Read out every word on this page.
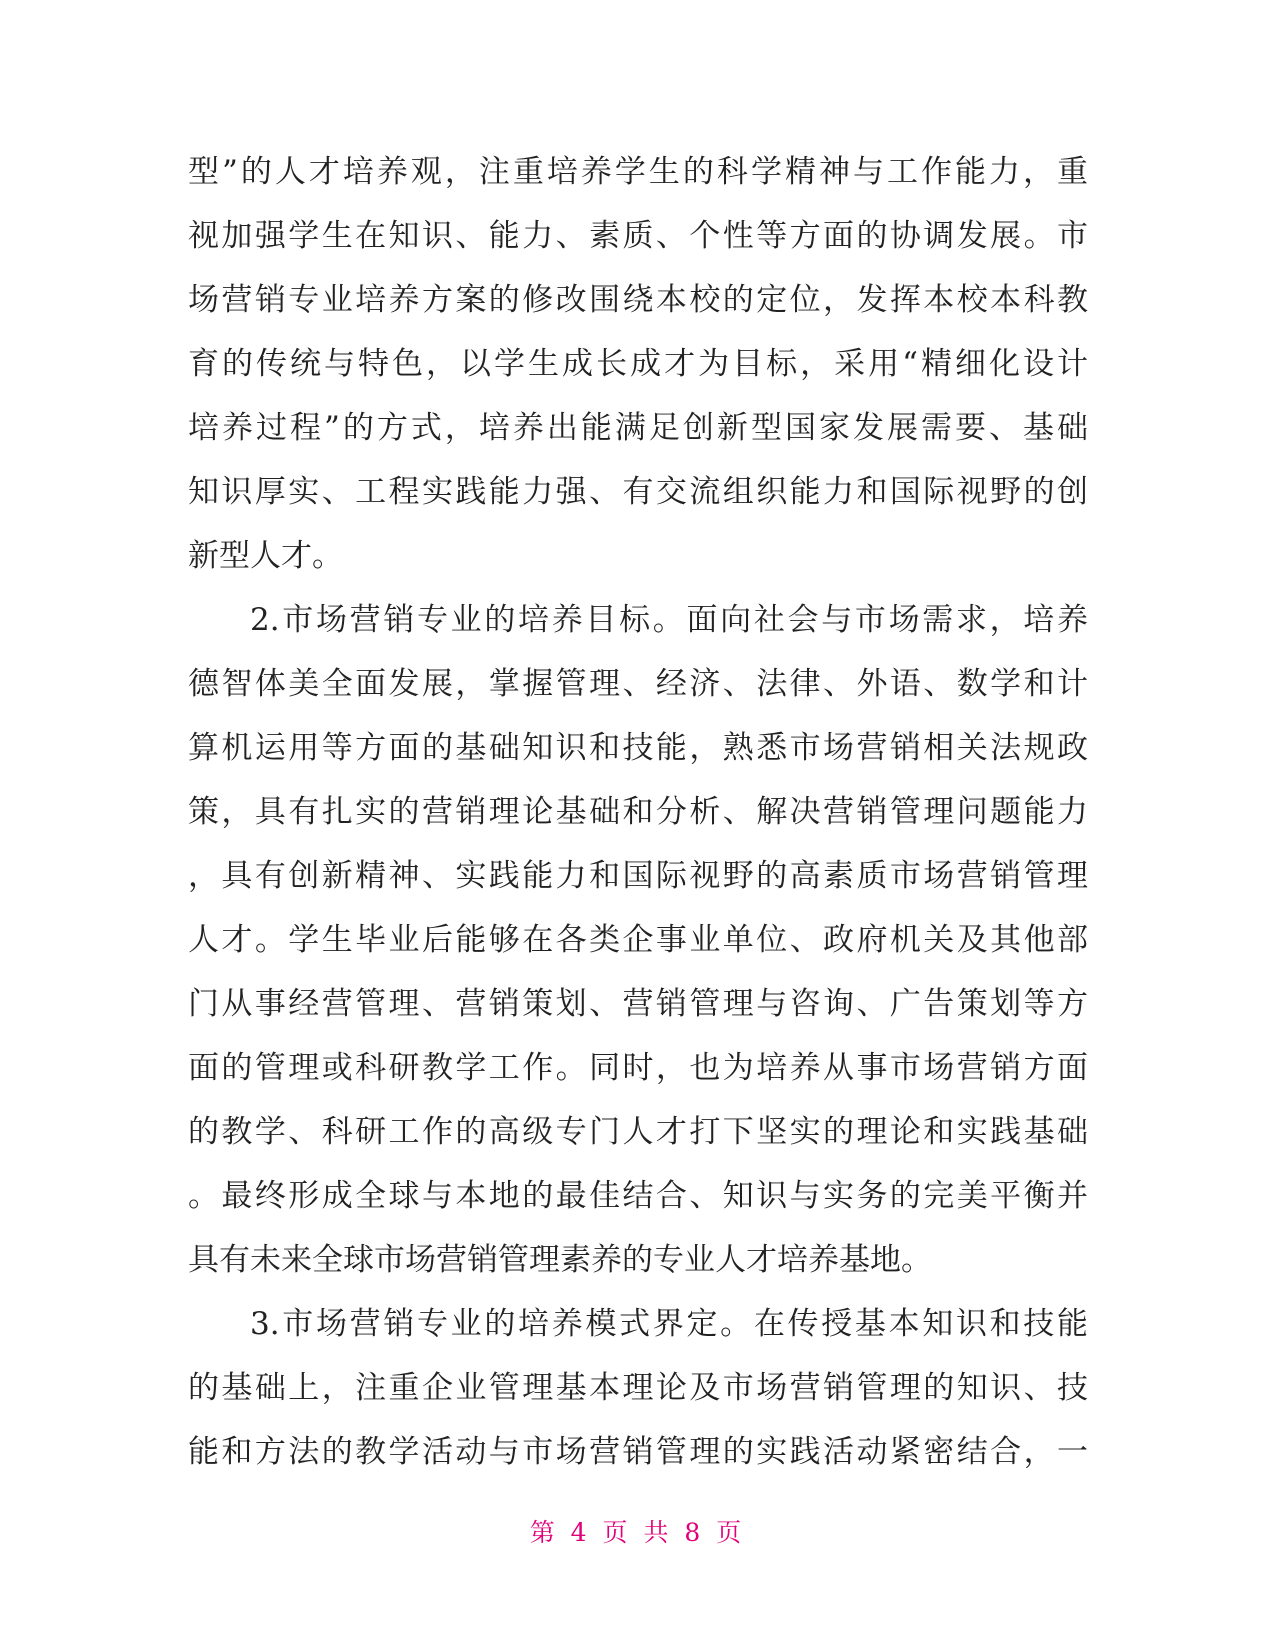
型”的人才培养观，注重培养学生的科学精神与工作能力，重
视加强学生在知识、能力、素质、个性等方面的协调发展。市
场营销专业培养方案的修改围绕本校的定位，发挥本校本科教
育的传统与特色，以学生成长成才为目标，采用“精细化设计
培养过程”的方式，培养出能满足创新型国家发展需要、基础
知识厚实、工程实践能力强、有交流组织能力和国际视野的创
新型人才。
2.市场营销专业的培养目标。面向社会与市场需求，培养
德智体美全面发展，掌握管理、经济、法律、外语、数学和计
算机运用等方面的基础知识和技能，熟悉市场营销相关法规政
策，具有扎实的营销理论基础和分析、解决营销管理问题能力
，具有创新精神、实践能力和国际视野的高素质市场营销管理
人才。学生毕业后能够在各类企事业单位、政府机关及其他部
门从事经营管理、营销策划、营销管理与咨询、广告策划等方
面的管理或科研教学工作。同时，也为培养从事市场营销方面
的教学、科研工作的高级专门人才打下坚实的理论和实践基础
。最终形成全球与本地的最佳结合、知识与实务的完美平衡并
具有未来全球市场营销管理素养的专业人才培养基地。
3.市场营销专业的培养模式界定。在传授基本知识和技能
的基础上，注重企业管理基本理论及市场营销管理的知识、技
能和方法的教学活动与市场营销管理的实践活动紧密结合，一
第 4 页 共 8 页
